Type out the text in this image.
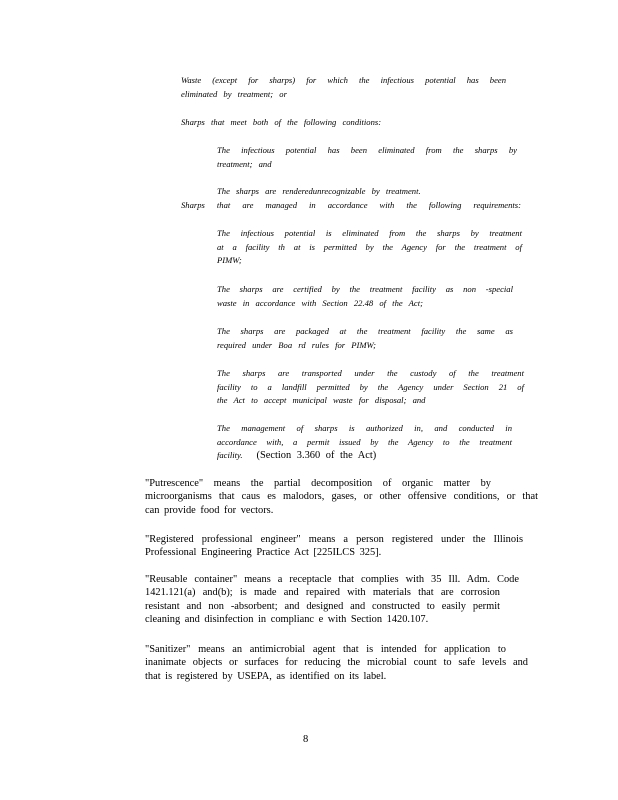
Waste (except for sharps) for which the infectious potential has been
eliminated by treatment; or
Sharps that meet both of the following conditions:
The infectious potential has been eliminated from the sharps by
treatment; and
The sharps are renderedunrecognizable by treatment.
Sharps that are managed in accordance with the following requirements:
The infectious potential is eliminated from the sharps by treatment
at a facility th at is permitted by the Agency for the treatment of
PIMW;
The sharps are certified by the treatment facility as non -special
waste in accordance with Section 22.48 of the Act;
The sharps are packaged at the treatment facility the same as
required under Boa rd rules for PIMW;
The sharps are transported under the custody of the treatment
facility to a landfill permitted by the Agency under Section 21 of
the Act to accept municipal waste for disposal; and
The management of sharps is authorized in, and conducted in
accordance with, a permit issued by the Agency to the treatment
facility. (Section 3.360 of the Act)
"Putrescence" means the partial decomposition of organic matter by
microorganisms that caus es malodors, gases, or other offensive conditions, or that
can provide food for vectors.
"Registered professional engineer" means a person registered under the Illinois
Professional Engineering Practice Act [225ILCS 325].
"Reusable container" means a receptacle that complies with 35 Ill. Adm. Code
1421.121(a) and(b); is made and repaired with materials that are corrosion
resistant and non -absorbent; and designed and constructed to easily permit
cleaning and disinfection in complianc e with Section 1420.107.
"Sanitizer" means an antimicrobial agent that is intended for application to
inanimate objects or surfaces for reducing the microbial count to safe levels and
that is registered by USEPA, as identified on its label.
8
